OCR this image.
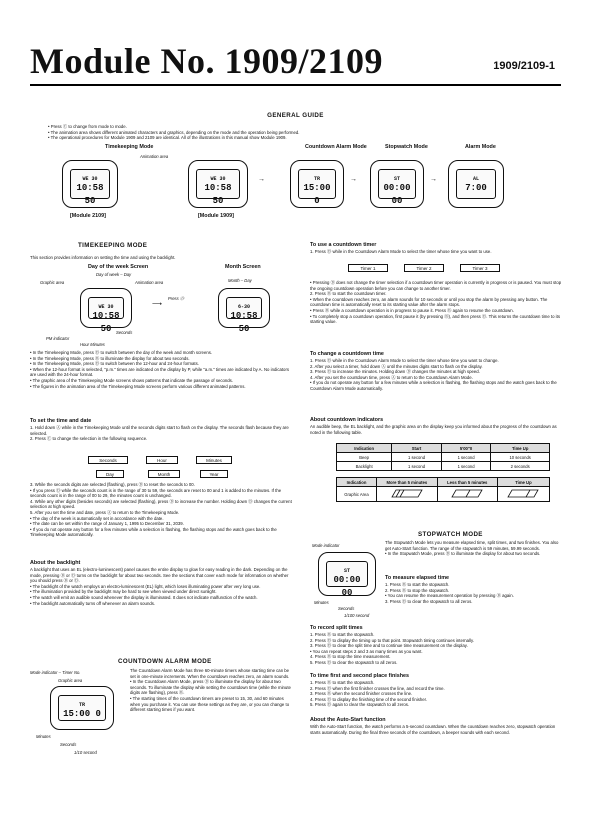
Module No. 1909/2109	1909/2109-1
GENERAL GUIDE
• Press Ⓒ to change from mode to mode.
• The animation area shows different animated characters and graphics, depending on the mode and the operation being performed.
• The operational procedures for Module 1909 and 2109 are identical. All of the illustrations in this manual show Module 1909.
Timekeeping Mode	Countdown Alarm Mode	Stopwatch Mode	Alarm Mode
Animation area
WE 30
10:58 50
WE 30
10:58 50
→	TR
15:00 0
→	ST
00:00 00
→	AL
7:00
[Module 2109]	[Module 1909]
TIMEKEEPING MODE
This section provides information on setting the time and using the backlight.
Day of the week Screen
Day of week – Day
Month Screen
Month – Day
Graphic area	Animation area
WE 30
10:58 50
Press Ⓓ
⟶	6-30
10:58 50
Seconds
PM indicator
Hour Minutes
• In the Timekeeping Mode, press Ⓓ to switch between the day of the week and month screens.
• In the Timekeeping Mode, press Ⓑ to illuminate the display for about two seconds.
• In the Timekeeping Mode, press Ⓓ to switch between the 12-hour and 24-hour formats.
• When the 12-hour format is selected, "p.m." times are indicated on the display by P, while "a.m." times are indicated by A. No indicators are used with the 24-hour format.
• The graphic area of the Timekeeping Mode screens shows patterns that indicate the passage of seconds.
• The figures in the animation area of the Timekeeping Mode screens perform various different animated patterns.
To set the time and date
1. Hold down Ⓐ while in the Timekeeping Mode until the seconds digits start to flash on the display. The seconds flash because they are selected.
2. Press Ⓒ to change the selection in the following sequence.
Seconds	Hour	Minutes
Day	Month	Year
3. While the seconds digits are selected (flashing), press Ⓓ to reset the seconds to 00.
• If you press Ⓓ while the seconds count is in the range of 30 to 59, the seconds are reset to 00 and 1 is added to the minutes. If the seconds count is in the range of 00 to 29, the minutes count is unchanged.
4. While any other digits (besides seconds) are selected (flashing), press Ⓓ to increase the number. Holding down Ⓓ changes the current selection at high speed.
5. After you set the time and date, press Ⓐ to return to the Timekeeping Mode.
• The day of the week is automatically set in accordance with the date.
• The date can be set within the range of January 1, 1995 to December 31, 2039.
• If you do not operate any button for a few minutes while a selection is flashing, the flashing stops and the watch goes back to the Timekeeping Mode automatically.
About the backlight
A backlight that uses an EL (electro-luminescent) panel causes the entire display to glow for easy reading in the dark. Depending on the mode, pressing Ⓑ or Ⓓ turns on the backlight for about two seconds. See the sections that cover each mode for information on whether you should press Ⓑ or Ⓓ.
• The backlight of the watch employs an electro-luminescent (EL) light, which loses illuminating power after very long use.
• The illumination provided by the backlight may be hard to see when viewed under direct sunlight.
• The watch will emit an audible sound whenever the display is illuminated. It does not indicate malfunction of the watch.
• The backlight automatically turns off whenever an alarm sounds.
COUNTDOWN ALARM MODE
Mode indicator – Timer No.
Graphic area
TR
15:00 0
Minutes
Seconds
1/10 second
The Countdown Alarm Mode has three 60-minute timers whose starting time can be set in one-minute increments. When the countdown reaches zero, an alarm sounds.
• In the Countdown Alarm Mode, press Ⓓ to illuminate the display for about two seconds. To illuminate the display while setting the countdown time (while the minute digits are flashing), press Ⓑ.
• The starting times of the countdown timers are preset to 15, 30, and 60 minutes when you purchase it. You can use these settings as they are, or you can change to different starting times if you want.
To use a countdown timer
1. Press Ⓓ while in the Countdown Alarm Mode to select the timer whose time you want to use.
Timer 1	Timer 2	Timer 3
• Pressing Ⓓ does not change the timer selection if a countdown timer operation is currently in progress or is paused. You must stop the ongoing countdown operation before you can change to another timer.
2. Press Ⓑ to start the countdown timer.
• When the countdown reaches zero, an alarm sounds for 10 seconds or until you stop the alarm by pressing any button. The countdown time is automatically reset to its starting value after the alarm stops.
• Press Ⓑ while a countdown operation is in progress to pause it. Press Ⓑ again to resume the countdown.
• To completely stop a countdown operation, first pause it (by pressing Ⓑ), and then press Ⓓ. This returns the countdown time to its starting value.
To change a countdown time
1. Press Ⓓ while in the Countdown Alarm Mode to select the timer whose time you want to change.
2. After you select a timer, hold down Ⓐ until the minutes digits start to flash on the display.
3. Press Ⓓ to increase the minutes. Holding down Ⓓ changes the minutes at high speed.
4. After you set the countdown time, press Ⓐ to return to the Countdown Alarm Mode.
• If you do not operate any button for a few minutes while a selection is flashing, the flashing stops and the watch goes back to the Countdown Alarm Mode automatically.
About countdown indicators
An audible beep, the EL backlight, and the graphic area on the display keep you informed about the progress of the countdown as noted in the following table.
Indication	Start	5'00"0	Time Up
Beep	1 second	1 second	10 seconds
Backlight	1 second	1 second	2 seconds
Indication	More than 5 minutes	Less than 5 minutes	Time Up
Graphic Area			
STOPWATCH MODE
Mode indicator
ST
00:00 00
Minutes
Seconds
1/100 second
The Stopwatch Mode lets you measure elapsed time, split times, and two finishes. You also get Auto-Start function. The range of the stopwatch is 59 minutes, 59.99 seconds.
• In the Stopwatch Mode, press Ⓓ to illuminate the display for about two seconds.
To measure elapsed time
1. Press Ⓑ to start the stopwatch.
2. Press Ⓑ to stop the stopwatch.
• You can resume the measurement operation by pressing Ⓑ again.
3. Press Ⓓ to clear the stopwatch to all zeros.
To record split times
1. Press Ⓑ to start the stopwatch.
2. Press Ⓓ to display the timing up to that point. Stopwatch timing continues internally.
3. Press Ⓓ to clear the split time and to continue time measurement on the display.
• You can repeat steps 2 and 3 as many times as you want.
4. Press Ⓑ to stop the time measurement.
5. Press Ⓓ to clear the stopwatch to all zeros.
To time first and second place finishes
1. Press Ⓑ to start the stopwatch.
2. Press Ⓓ when the first finisher crosses the line, and record the time.
3. Press Ⓑ when the second finisher crosses the line.
4. Press Ⓓ to display the finishing time of the second finisher.
5. Press Ⓓ again to clear the stopwatch to all zeros.
About the Auto-Start function
With the Auto-Start function, the watch performs a 5-second countdown. When the countdown reaches zero, stopwatch operation starts automatically. During the final three seconds of the countdown, a beeper sounds with each second.
